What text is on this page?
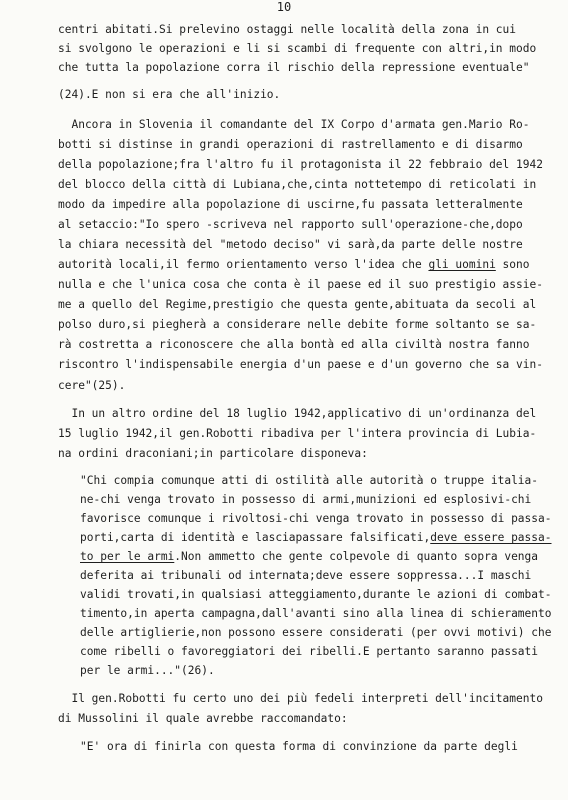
10
centri abitati.Si prelevino ostaggi nelle località della zona in cui
si svolgono le operazioni e li si scambi di frequente con altri,in modo
che tutta la popolazione corra il rischio della repressione eventuale"
(24).E non si era che all'inizio.
Ancora in Slovenia il comandante del IX Corpo d'armata gen.Mario Ro-
botti si distinse in grandi operazioni di rastrellamento e di disarmo
della popolazione;fra l'altro fu il protagonista il 22 febbraio del 1942
del blocco della città di Lubiana,che,cinta nottetempo di reticolati in
modo da impedire alla popolazione di uscirne,fu passata letteralmente
al setaccio:"Io spero -scriveva nel rapporto sull'operazione-che,dopo
la chiara necessità del "metodo deciso" vi sarà,da parte delle nostre
autorità locali,il fermo orientamento verso l'idea che gli uomini sono
nulla e che l'unica cosa che conta è il paese ed il suo prestigio assie-
me a quello del Regime,prestigio che questa gente,abituata da secoli al
polso duro,si piegherà a considerare nelle debite forme soltanto se sa-
rà costretta a riconoscere che alla bontà ed alla civiltà nostra fanno
riscontro l'indispensabile energia d'un paese e d'un governo che sa vin-
cere"(25).
In un altro ordine del 18 luglio 1942,applicativo di un'ordinanza del
15 luglio 1942,il gen.Robotti ribadiva per l'intera provincia di Lubia-
na ordini draconiani;in particolare disponeva:
"Chi compia comunque atti di ostilità alle autorità o truppe italia-
ne-chi venga trovato in possesso di armi,munizioni ed esplosivi-chi
favorisce comunque i rivoltosi-chi venga trovato in possesso di passa-
porti,carta di identità e lasciapassare falsificati,deve essere passa-
to per le armi.Non ammetto che gente colpevole di quanto sopra venga
deferita ai tribunali od internata;deve essere soppressa...I maschi
validi trovati,in qualsiasi atteggiamento,durante le azioni di combat-
timento,in aperta campagna,dall'avanti sino alla linea di schieramento
delle artiglierie,non possono essere considerati (per ovvi motivi) che
come ribelli o favoreggiatori dei ribelli.E pertanto saranno passati
per le armi..."(26).
Il gen.Robotti fu certo uno dei più fedeli interpreti dell'incitamento
di Mussolini il quale avrebbe raccomandato:
"E' ora di finirla con questa forma di convinzione da parte degli
